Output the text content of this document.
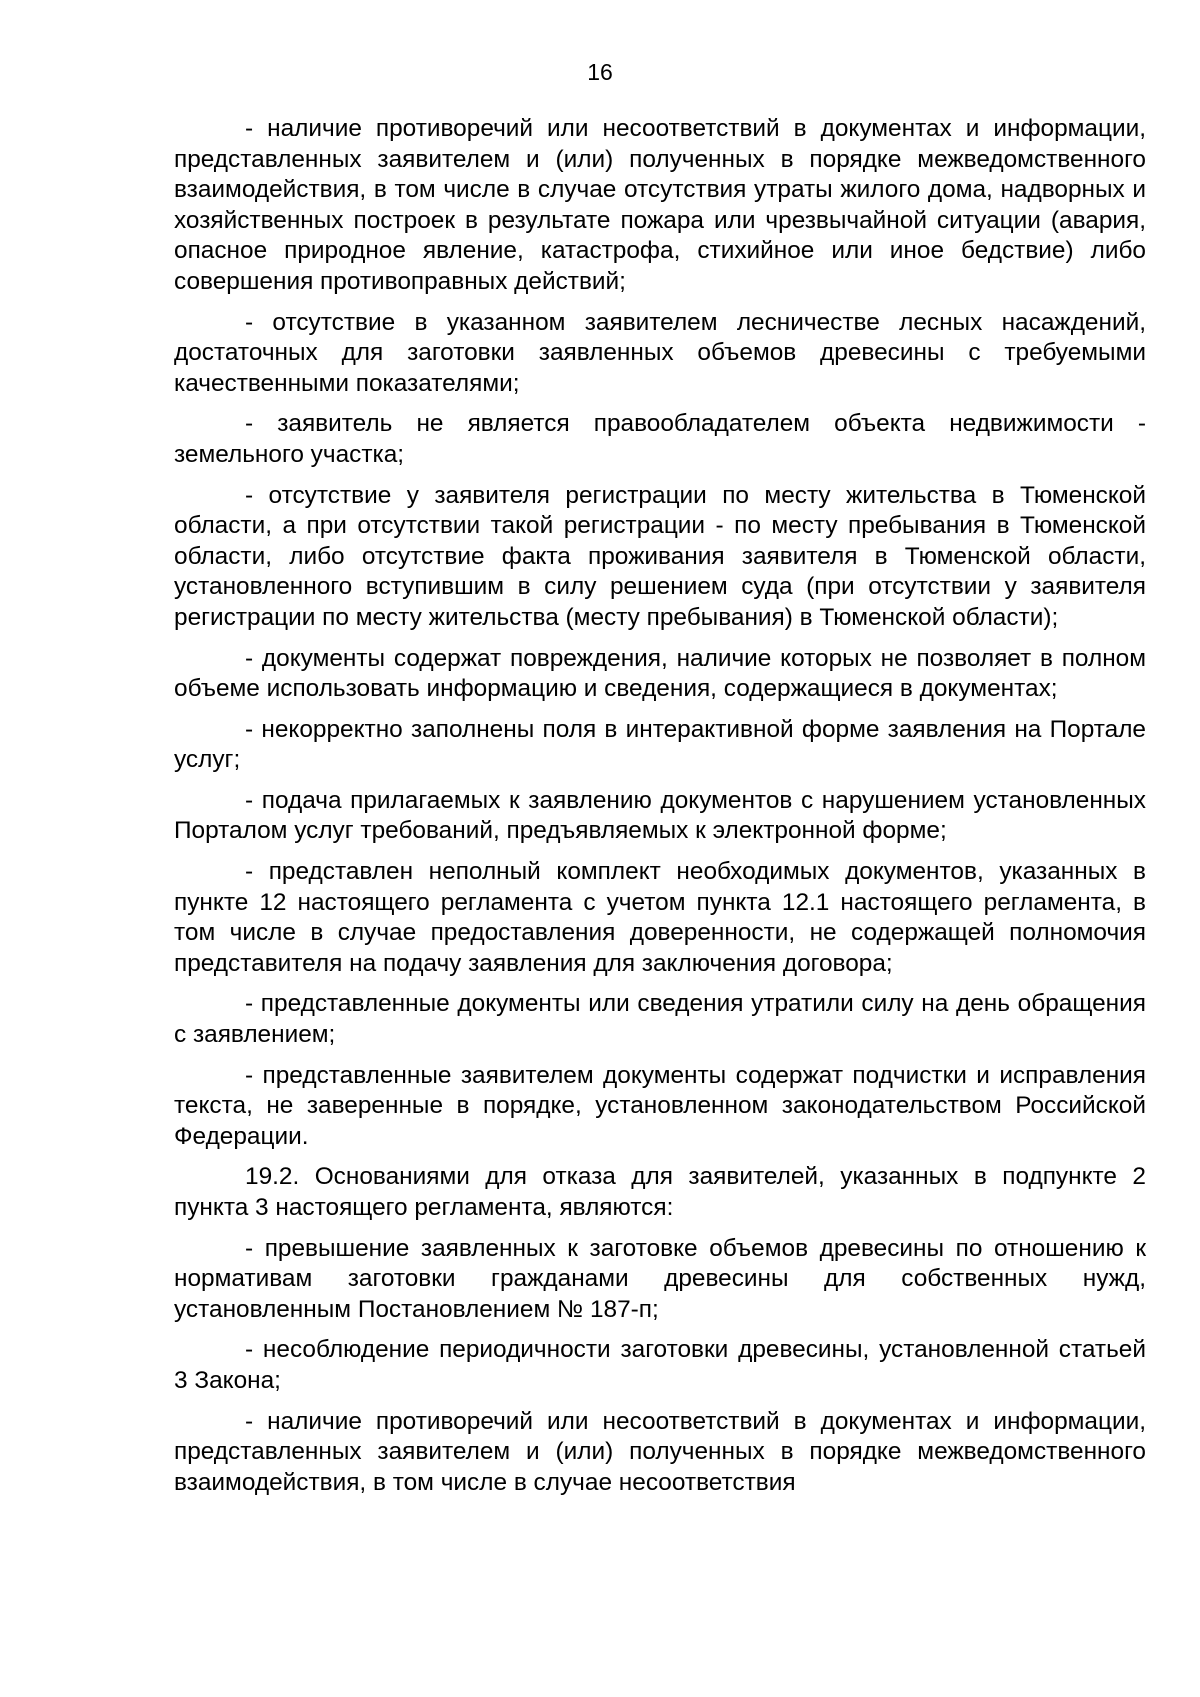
16

- наличие противоречий или несоответствий в документах и информации, представленных заявителем и (или) полученных в порядке межведомственного взаимодействия, в том числе в случае отсутствия утраты жилого дома, надворных и хозяйственных построек в результате пожара или чрезвычайной ситуации (авария, опасное природное явление, катастрофа, стихийное или иное бедствие) либо совершения противоправных действий;

- отсутствие в указанном заявителем лесничестве лесных насаждений, достаточных для заготовки заявленных объемов древесины с требуемыми качественными показателями;

- заявитель не является правообладателем объекта недвижимости - земельного участка;

- отсутствие у заявителя регистрации по месту жительства в Тюменской области, а при отсутствии такой регистрации - по месту пребывания в Тюменской области, либо отсутствие факта проживания заявителя в Тюменской области, установленного вступившим в силу решением суда (при отсутствии у заявителя регистрации по месту жительства (месту пребывания) в Тюменской области);

- документы содержат повреждения, наличие которых не позволяет в полном объеме использовать информацию и сведения, содержащиеся в документах;

- некорректно заполнены поля в интерактивной форме заявления на Портале услуг;

- подача прилагаемых к заявлению документов с нарушением установленных Порталом услуг требований, предъявляемых к электронной форме;

- представлен неполный комплект необходимых документов, указанных в пункте 12 настоящего регламента с учетом пункта 12.1 настоящего регламента, в том числе в случае предоставления доверенности, не содержащей полномочия представителя на подачу заявления для заключения договора;

- представленные документы или сведения утратили силу на день обращения с заявлением;

- представленные заявителем документы содержат подчистки и исправления текста, не заверенные в порядке, установленном законодательством Российской Федерации.

19.2. Основаниями для отказа для заявителей, указанных в подпункте 2 пункта 3 настоящего регламента, являются:

- превышение заявленных к заготовке объемов древесины по отношению к нормативам заготовки гражданами древесины для собственных нужд, установленным Постановлением № 187-п;

- несоблюдение периодичности заготовки древесины, установленной статьей 3 Закона;

- наличие противоречий или несоответствий в документах и информации, представленных заявителем и (или) полученных в порядке межведомственного взаимодействия, в том числе в случае несоответствия
